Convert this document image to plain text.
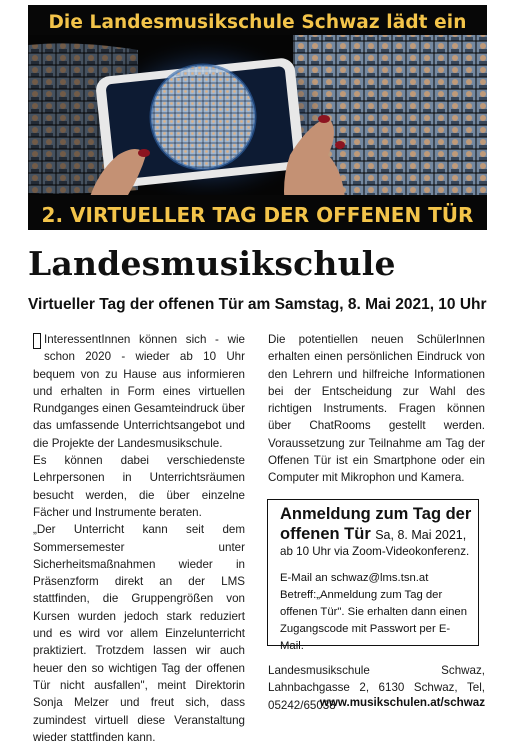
Die Landesmusikschule Schwaz lädt ein
2. VIRTUELLER TAG DER OFFENEN TÜR
Landesmusikschule
Virtueller Tag der offenen Tür am Samstag, 8. Mai 2021, 10 Uhr

InteressentInnen können sich - wie schon 2020 - wieder ab 10 Uhr bequem von zu Hause aus informieren und erhalten in Form eines virtuellen Rundganges einen Gesamteindruck über das umfassende Unterrichtsangebot und die Projekte der Landesmusikschule.

Es können dabei verschiedenste Lehrpersonen in Unterrichtsräumen besucht werden, die über einzelne Fächer und Instrumente beraten.

„Der Unterricht kann seit dem Sommersemester unter Sicherheitsmaßnahmen wieder in Präsenzform direkt an der LMS stattfinden, die Gruppengrößen von Kursen wurden jedoch stark reduziert und es wird vor allem Einzelunterricht praktiziert. Trotzdem lassen wir auch heuer den so wichtigen Tag der offenen Tür nicht ausfallen", meint Direktorin Sonja Melzer und freut sich, dass zumindest virtuell diese Veranstaltung wieder stattfinden kann.

Die potentiellen neuen SchülerInnen erhalten einen persönlichen Eindruck von den Lehrern und hilfreiche Informationen bei der Entscheidung zur Wahl des richtigen Instruments. Fragen können über ChatRooms gestellt werden. Voraussetzung zur Teilnahme am Tag der Offenen Tür ist ein Smartphone oder ein Computer mit Mikrophon und Kamera.

Anmeldung zum Tag der
offenen Tür Sa, 8. Mai 2021,
ab 10 Uhr via Zoom-Videokonferenz.

E-Mail an schwaz@lms.tsn.at

Betreff:„Anmeldung zum Tag der offenen Tür". Sie erhalten dann einen Zugangscode mit Passwort per E-Mail.

Landesmusikschule Schwaz, Lahnbachgasse 2, 6130 Schwaz, Tel, 05242/65038

www.musikschulen.at/schwaz
